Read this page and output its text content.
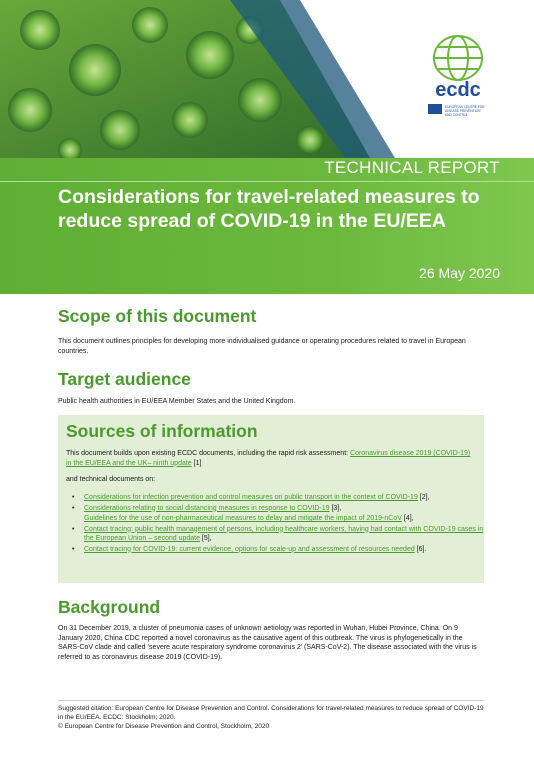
ecdc
EUROPEAN CENTRE FOR
DISEASE PREVENTION
AND CONTROL
TECHNICAL REPORT
Considerations for travel-related measures to reduce spread of COVID-19 in the EU/EEA
26 May 2020
Scope of this document

This document outlines principles for developing more individualised guidance or operating procedures related to travel in European countries.

Target audience

Public health authorities in EU/EEA Member States and the United Kingdom.

Sources of information

This document builds upon existing ECDC documents, including the rapid risk assessment: Coronavirus disease 2019 (COVID-19) in the EU/EEA and the UK– ninth update [1]

and technical documents on:

• Considerations for infection prevention and control measures on public transport in the context of COVID-19 [2],
• Considerations relating to social distancing measures in response to COVID-19 [3],
Guidelines for the use of non-pharmaceutical measures to delay and mitigate the impact of 2019-nCoV [4],
• Contact tracing: public health management of persons, including healthcare workers, having had contact with COVID-19 cases in the European Union – second update [5],
• Contact tracing for COVID-19: current evidence, options for scale-up and assessment of resources needed [6].
Background

On 31 December 2019, a cluster of pneumonia cases of unknown aetiology was reported in Wuhan, Hubei Province, China. On 9 January 2020, China CDC reported a novel coronavirus as the causative agent of this outbreak. The virus is phylogenetically in the SARS-CoV clade and called ‘severe acute respiratory syndrome coronavirus 2’ (SARS-CoV-2). The disease associated with the virus is referred to as coronavirus disease 2019 (COVID-19).

Suggested citation: European Centre for Disease Prevention and Control. Considerations for travel-related measures to reduce spread of COVID-19 in the EU/EEA. ECDC: Stockholm; 2020.
© European Centre for Disease Prevention and Control, Stockholm, 2020
